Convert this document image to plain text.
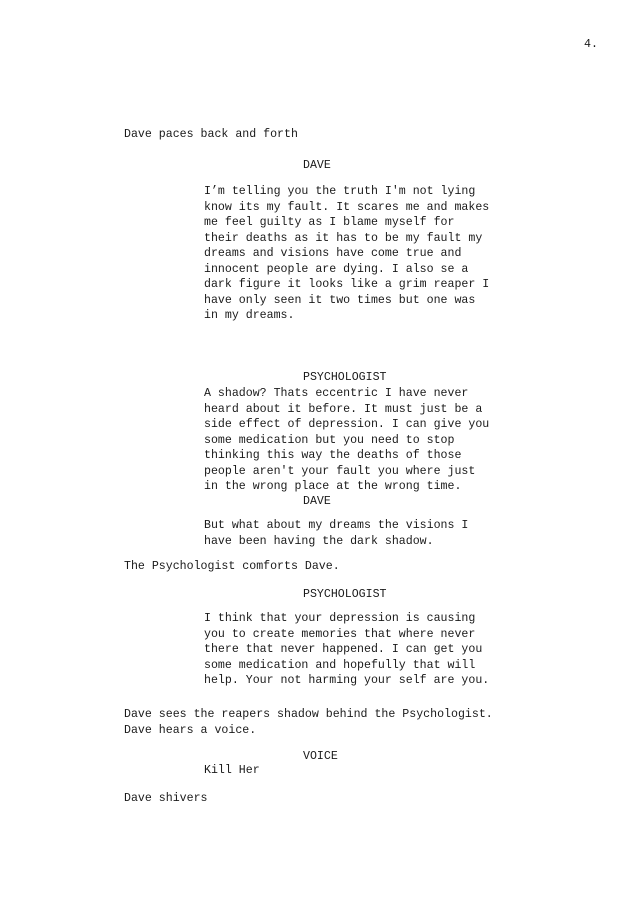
4.
Dave paces back and forth
DAVE
I’m telling you the truth I'm not lying
know its my fault. It scares me and makes
me feel guilty as I blame myself for
their deaths as it has to be my fault my
dreams and visions have come true and
innocent people are dying. I also se a
dark figure it looks like a grim reaper I
have only seen it two times but one was
in my dreams.
PSYCHOLOGIST
A shadow? Thats eccentric I have never
heard about it before. It must just be a
side effect of depression. I can give you
some medication but you need to stop
thinking this way the deaths of those
people aren't your fault you where just
in the wrong place at the wrong time.
DAVE
But what about my dreams the visions I
have been having the dark shadow.
The Psychologist comforts Dave.
PSYCHOLOGIST
I think that your depression is causing
you to create memories that where never
there that never happened. I can get you
some medication and hopefully that will
help. Your not harming your self are you.
Dave sees the reapers shadow behind the Psychologist.
Dave hears a voice.
VOICE
Kill Her
Dave shivers
